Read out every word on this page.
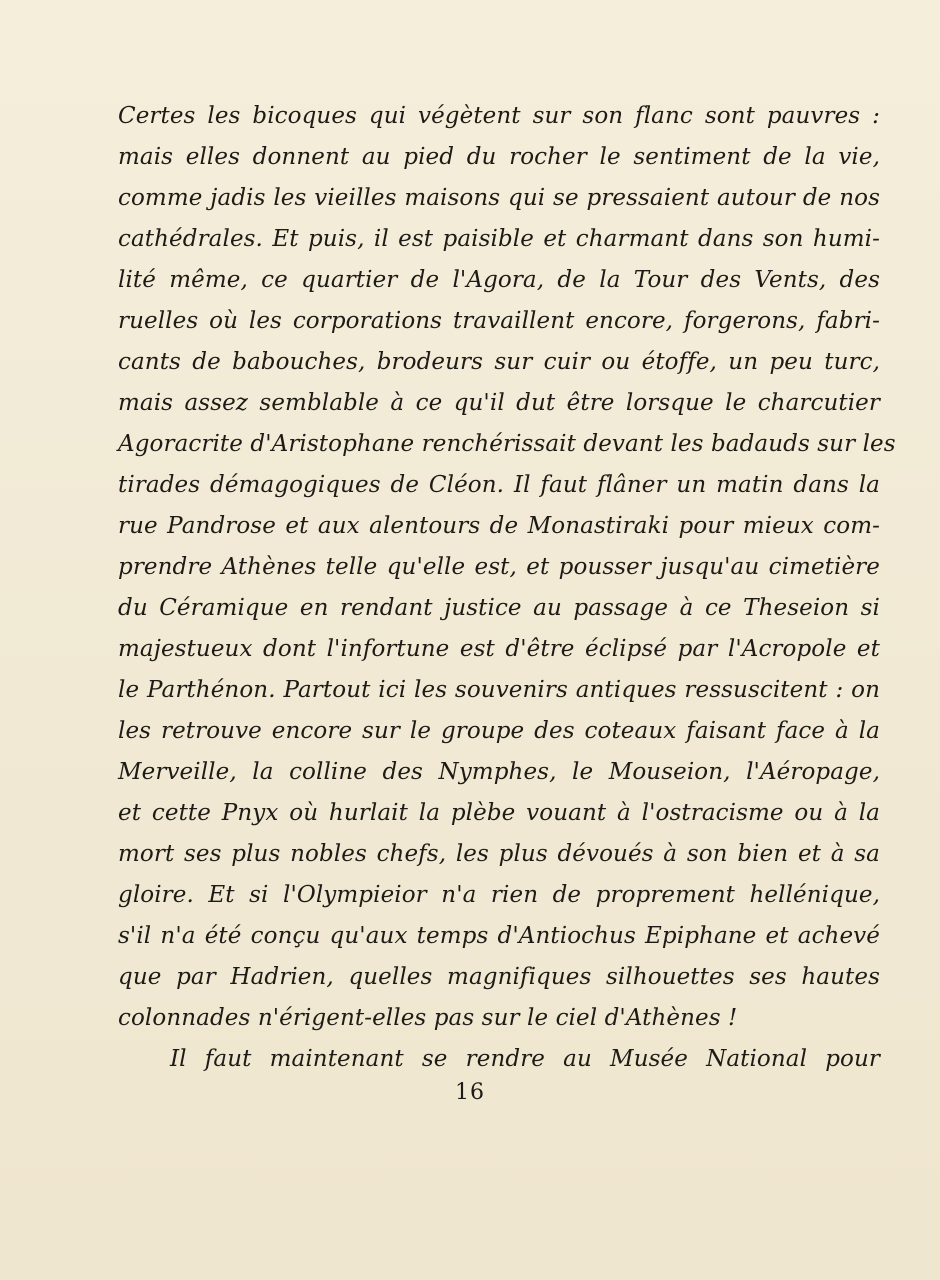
Certes les bicoques qui végètent sur son flanc sont pauvres :
mais elles donnent au pied du rocher le sentiment de la vie,
comme jadis les vieilles maisons qui se pressaient autour de nos
cathédrales. Et puis, il est paisible et charmant dans son humi-
lité même, ce quartier de l'Agora, de la Tour des Vents, des
ruelles où les corporations travaillent encore, forgerons, fabri-
cants de babouches, brodeurs sur cuir ou étoffe, un peu turc,
mais assez semblable à ce qu'il dut être lorsque le charcutier
Agoracrite d'Aristophane renchérissait devant les badauds sur les
tirades démagogiques de Cléon. Il faut flâner un matin dans la
rue Pandrose et aux alentours de Monastiraki pour mieux com-
prendre Athènes telle qu'elle est, et pousser jusqu'au cimetière
du Céramique en rendant justice au passage à ce Theseion si
majestueux dont l'infortune est d'être éclipsé par l'Acropole et
le Parthénon. Partout ici les souvenirs antiques ressuscitent : on
les retrouve encore sur le groupe des coteaux faisant face à la
Merveille, la colline des Nymphes, le Mouseion, l'Aéropage,
et cette Pnyx où hurlait la plèbe vouant à l'ostracisme ou à la
mort ses plus nobles chefs, les plus dévoués à son bien et à sa
gloire. Et si l'Olympieior n'a rien de proprement hellénique,
s'il n'a été conçu qu'aux temps d'Antiochus Epiphane et achevé
que par Hadrien, quelles magnifiques silhouettes ses hautes
colonnades n'érigent-elles pas sur le ciel d'Athènes !
Il faut maintenant se rendre au Musée National pour
16
